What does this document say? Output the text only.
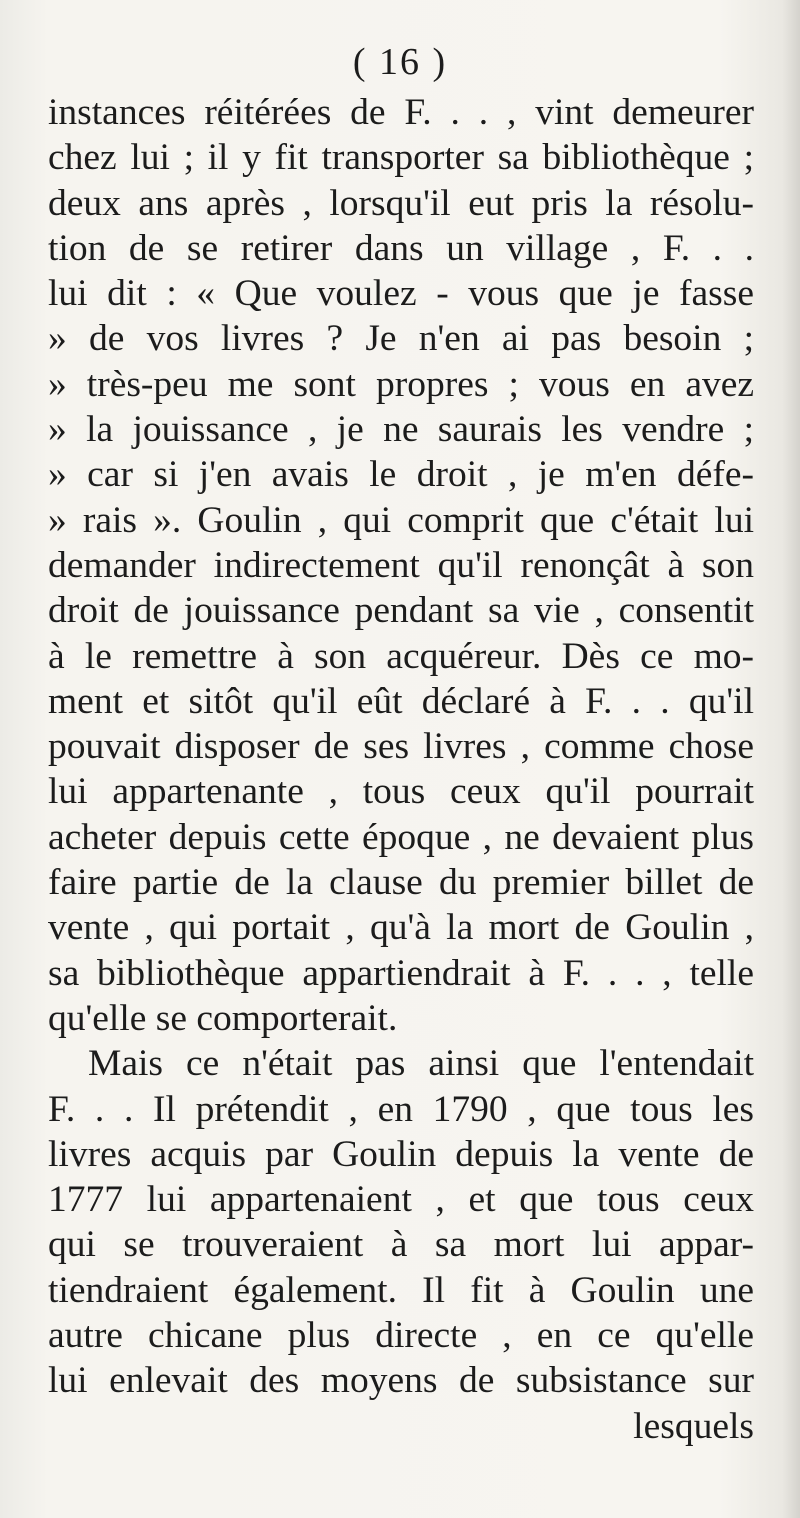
( 16 )
instances réitérées de F. . . , vint demeurer
chez lui ; il y fit transporter sa bibliothèque ;
deux ans après , lorsqu'il eut pris la résolu-
tion de se retirer dans un village , F. . .
lui dit : « Que voulez - vous que je fasse
» de vos livres ? Je n'en ai pas besoin ;
» très-peu me sont propres ; vous en avez
» la jouissance , je ne saurais les vendre ;
» car si j'en avais le droit , je m'en défe-
» rais ». Goulin , qui comprit que c'était lui
demander indirectement qu'il renonçât à son
droit de jouissance pendant sa vie , consentit
à le remettre à son acquéreur. Dès ce mo-
ment et sitôt qu'il eût déclaré à F. . . qu'il
pouvait disposer de ses livres , comme chose
lui appartenante , tous ceux qu'il pourrait
acheter depuis cette époque , ne devaient plus
faire partie de la clause du premier billet de
vente , qui portait , qu'à la mort de Goulin ,
sa bibliothèque appartiendrait à F. . . , telle
qu'elle se comporterait.
Mais ce n'était pas ainsi que l'entendait
F. . . Il prétendit , en 1790 , que tous les
livres acquis par Goulin depuis la vente de
1777 lui appartenaient , et que tous ceux
qui se trouveraient à sa mort lui appar-
tiendraient également. Il fit à Goulin une
autre chicane plus directe , en ce qu'elle
lui enlevait des moyens de subsistance sur
lesquels
